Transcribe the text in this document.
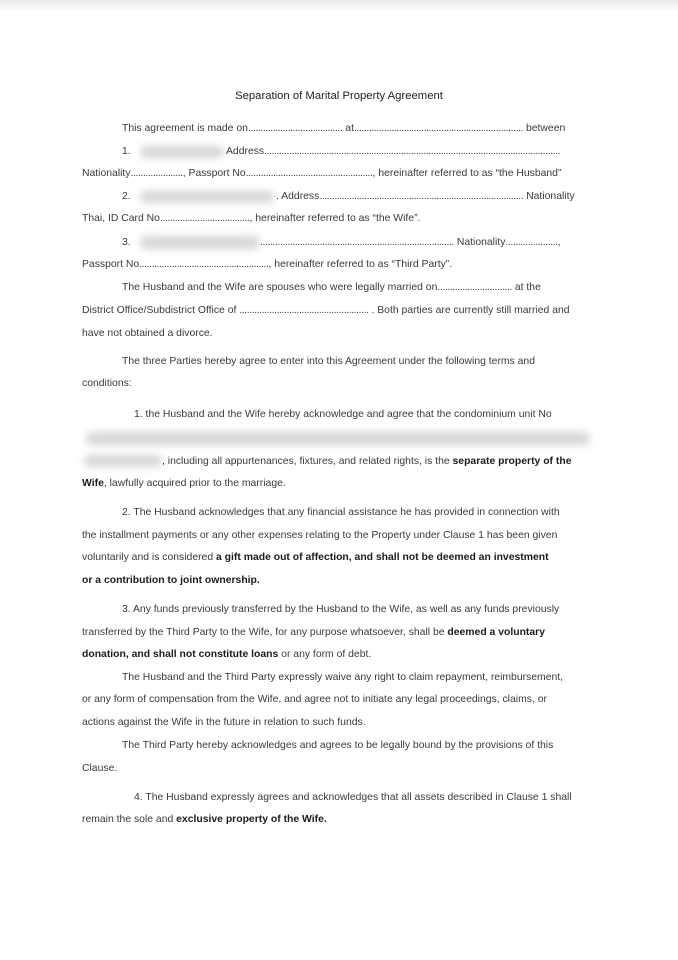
Separation of Marital Property Agreement
This agreement is made on...................................... at.................................................................... between
1.	Address.......................................................................................................................
Nationality....................., Passport No..................................................., hereinafter referred to as “the Husband”
2.	. Address.................................................................................. Nationality
Thai, ID Card No...................................., hereinafter referred to as “the Wife”.
3.	.............................................................................. Nationality.....................,
Passport No...................................................., hereinafter referred to as “Third Party”.
The Husband and the Wife are spouses who were legally married on.............................. at the
District Office/Subdistrict Office of .................................................... . Both parties are currently still married and
have not obtained a divorce.
The three Parties hereby agree to enter into this Agreement under the following terms and
conditions:
1. the Husband and the Wife hereby acknowledge and agree that the condominium unit No
, including all appurtenances, fixtures, and related rights, is the separate property of the
Wife, lawfully acquired prior to the marriage.
2. The Husband acknowledges that any financial assistance he has provided in connection with
the installment payments or any other expenses relating to the Property under Clause 1 has been given
voluntarily and is considered a gift made out of affection, and shall not be deemed an investment
or a contribution to joint ownership.
3. Any funds previously transferred by the Husband to the Wife, as well as any funds previously
transferred by the Third Party to the Wife, for any purpose whatsoever, shall be deemed a voluntary
donation, and shall not constitute loans or any form of debt.
The Husband and the Third Party expressly waive any right to claim repayment, reimbursement,
or any form of compensation from the Wife, and agree not to initiate any legal proceedings, claims, or
actions against the Wife in the future in relation to such funds.
The Third Party hereby acknowledges and agrees to be legally bound by the provisions of this
Clause.
4. The Husband expressly agrees and acknowledges that all assets described in Clause 1 shall
remain the sole and exclusive property of the Wife.
